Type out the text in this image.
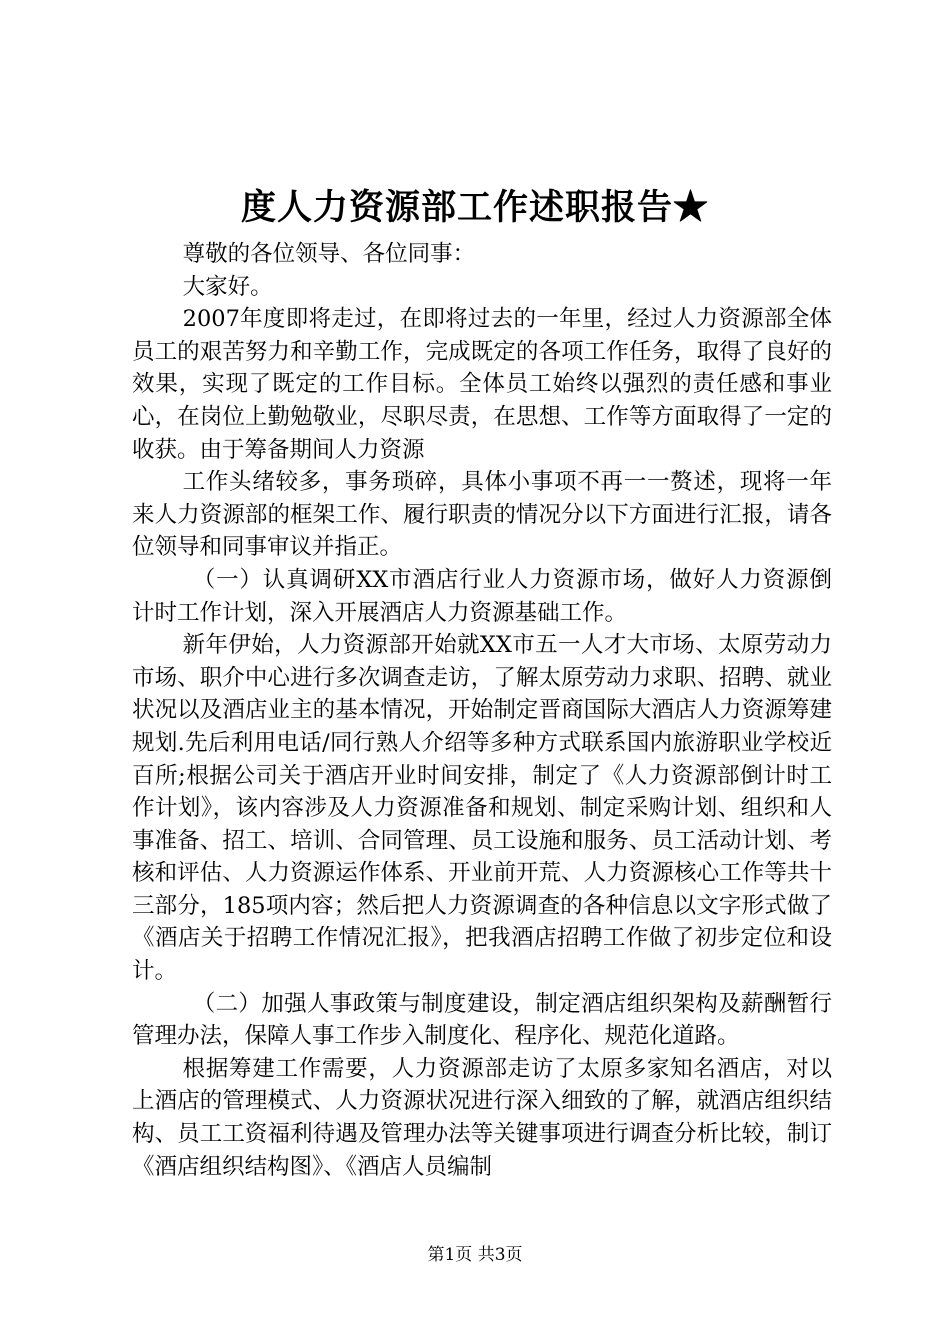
度人力资源部工作述职报告★

尊敬的各位领导、各位同事：

大家好。

2007年度即将走过，在即将过去的一年里，经过人力资源部全体员工的艰苦努力和辛勤工作，完成既定的各项工作任务，取得了良好的效果，实现了既定的工作目标。全体员工始终以强烈的责任感和事业心，在岗位上勤勉敬业，尽职尽责，在思想、工作等方面取得了一定的收获。由于筹备期间人力资源

工作头绪较多，事务琐碎，具体小事项不再一一赘述，现将一年来人力资源部的框架工作、履行职责的情况分以下方面进行汇报，请各位领导和同事审议并指正。

（一）认真调研XX市酒店行业人力资源市场，做好人力资源倒计时工作计划，深入开展酒店人力资源基础工作。

新年伊始，人力资源部开始就XX市五一人才大市场、太原劳动力市场、职介中心进行多次调查走访，了解太原劳动力求职、招聘、就业状况以及酒店业主的基本情况，开始制定晋商国际大酒店人力资源筹建规划.先后利用电话/同行熟人介绍等多种方式联系国内旅游职业学校近百所;根据公司关于酒店开业时间安排，制定了《人力资源部倒计时工作计划》，该内容涉及人力资源准备和规划、制定采购计划、组织和人事准备、招工、培训、合同管理、员工设施和服务、员工活动计划、考核和评估、人力资源运作体系、开业前开荒、人力资源核心工作等共十三部分，185项内容；然后把人力资源调查的各种信息以文字形式做了《酒店关于招聘工作情况汇报》，把我酒店招聘工作做了初步定位和设计。

（二）加强人事政策与制度建设，制定酒店组织架构及薪酬暂行管理办法，保障人事工作步入制度化、程序化、规范化道路。

根据筹建工作需要，人力资源部走访了太原多家知名酒店，对以上酒店的管理模式、人力资源状况进行深入细致的了解，就酒店组织结构、员工工资福利待遇及管理办法等关键事项进行调查分析比较，制订《酒店组织结构图》、《酒店人员编制

第1页 共3页
